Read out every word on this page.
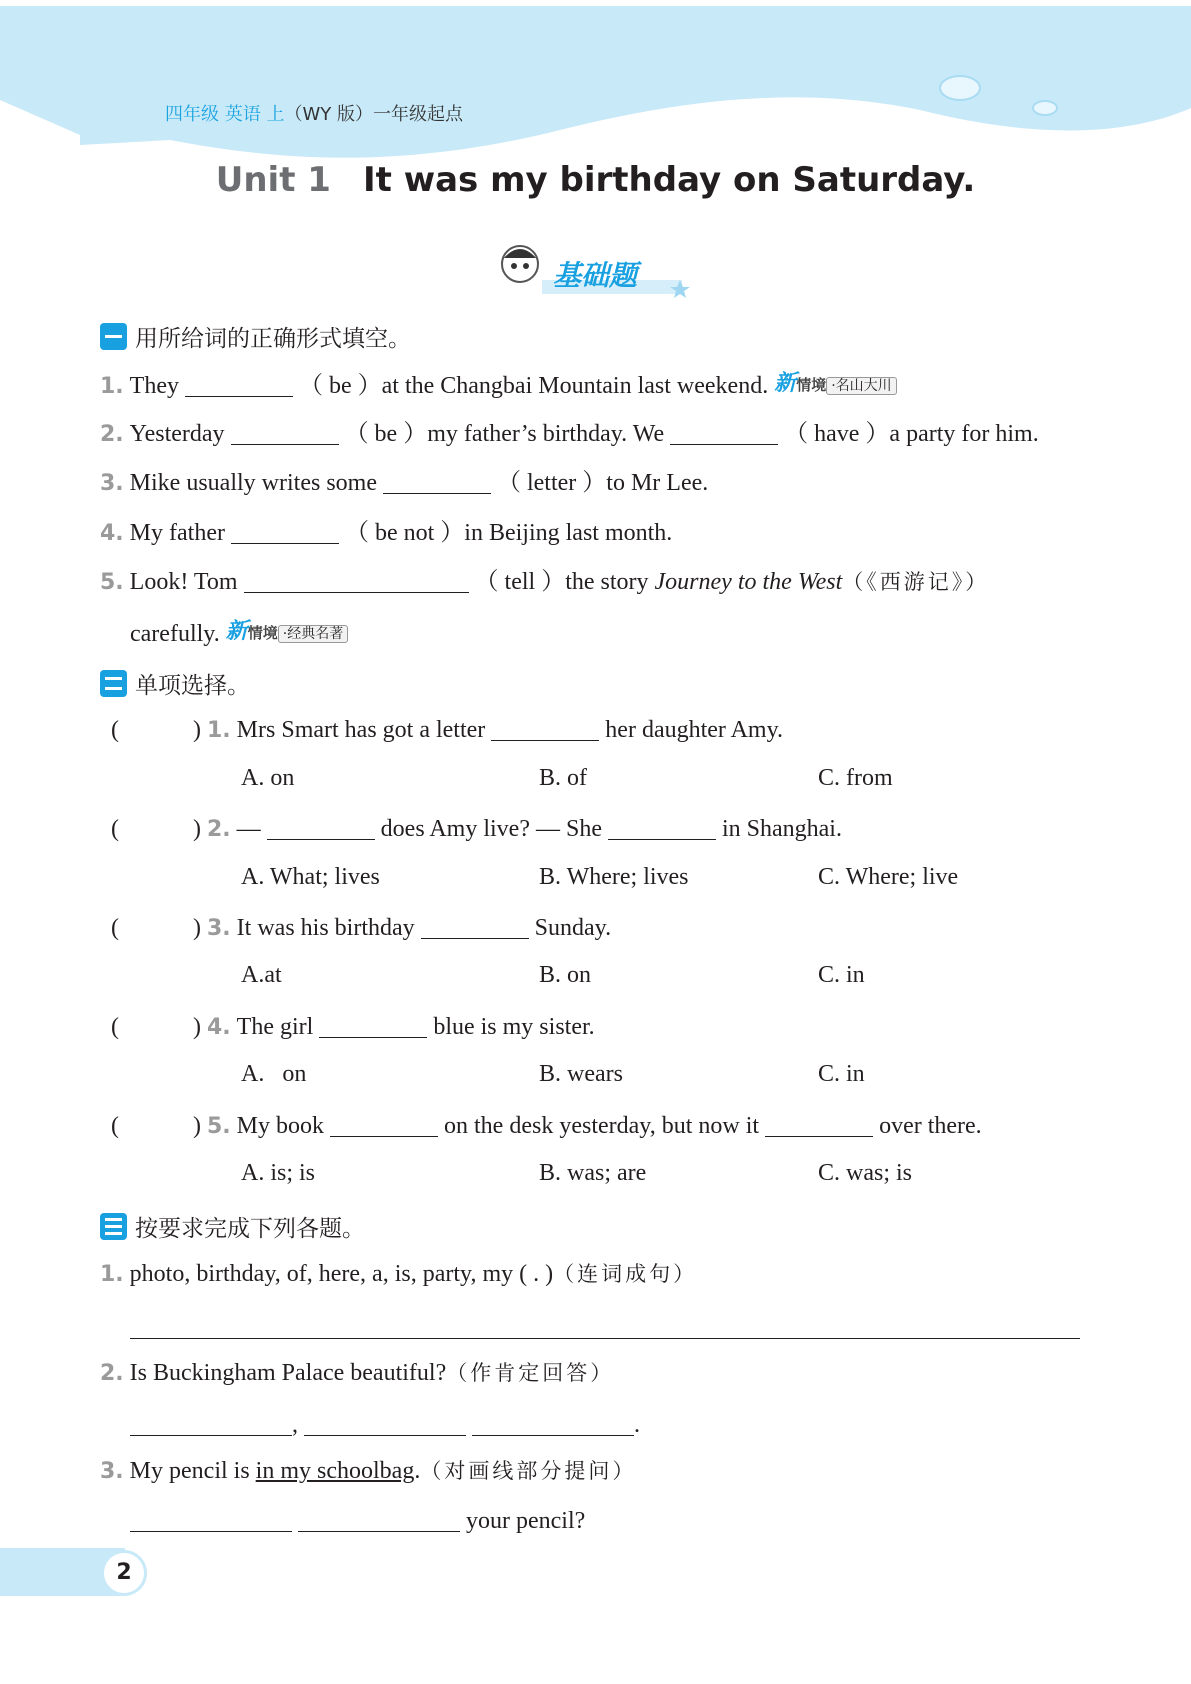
四年级 英语 上（WY 版）一年级起点
Unit 1 It was my birthday on Saturday.
基础题
用所给词的正确形式填空。
1. They	（ be ）at the Changbai Mountain last weekend. 新情境 ·名山大川
2. Yesterday	（ be ）my father’s birthday. We	（ have ）a party for him.
3. Mike usually writes some	（ letter ）to Mr Lee.
4. My father	（ be not ）in Beijing last month.
5. Look! Tom	（ tell ）the story Journey to the West（《西游记》）
carefully. 新情境 ·经典名著
单项选择。
(	) 1. Mrs Smart has got a letter	her daughter Amy.
A. on	B. of	C. from
(	) 2. —	does Amy live? — She	in Shanghai.
A. What; lives	B. Where; lives	C. Where; live
(	) 3. It was his birthday	Sunday.
A.at	B. on	C. in
(	) 4. The girl	blue is my sister.
A.   on	B. wears	C. in
(	) 5. My book	on the desk yesterday, but now it	over there.
A. is; is	B. was; are	C. was; is
按要求完成下列各题。
1. photo, birthday, of, here, a, is, party, my ( . )（连词成句）
2. Is Buckingham Palace beautiful?（作肯定回答）
,	.
3. My pencil is in my schoolbag.（对画线部分提问）
your pencil?
2
